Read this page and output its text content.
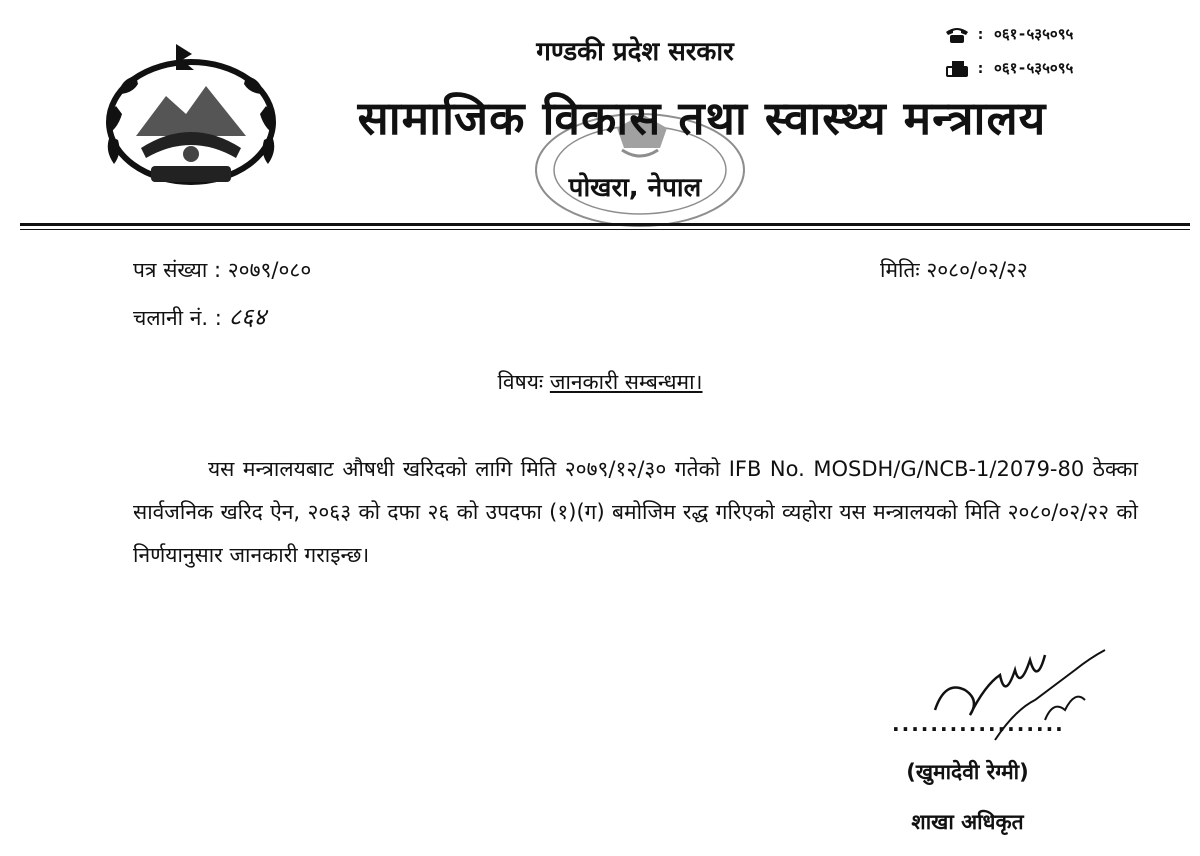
गण्डकी प्रदेश सरकार
सामाजिक विकास तथा स्वास्थ्य मन्त्रालय
पोखरा, नेपाल
: ०६१-५३५०९५
: ०६१-५३५०९५
पत्र संख्या : २०७९/०८०
चलानी नं. : ८६४
मितिः २०८०/०२/२२
विषयः जानकारी सम्बन्धमा।
यस मन्त्रालयबाट औषधी खरिदको लागि मिति २०७९/१२/३० गतेको IFB No. MOSDH/G/NCB-1/2079-80 ठेक्का सार्वजनिक खरिद ऐन, २०६३ को दफा २६ को उपदफा (१)(ग) बमोजिम रद्ध गरिएको व्यहोरा यस मन्त्रालयको मिति २०८०/०२/२२ को निर्णयानुसार जानकारी गराइन्छ।
..................
(खुमादेवी रेग्मी)
शाखा अधिकृत
